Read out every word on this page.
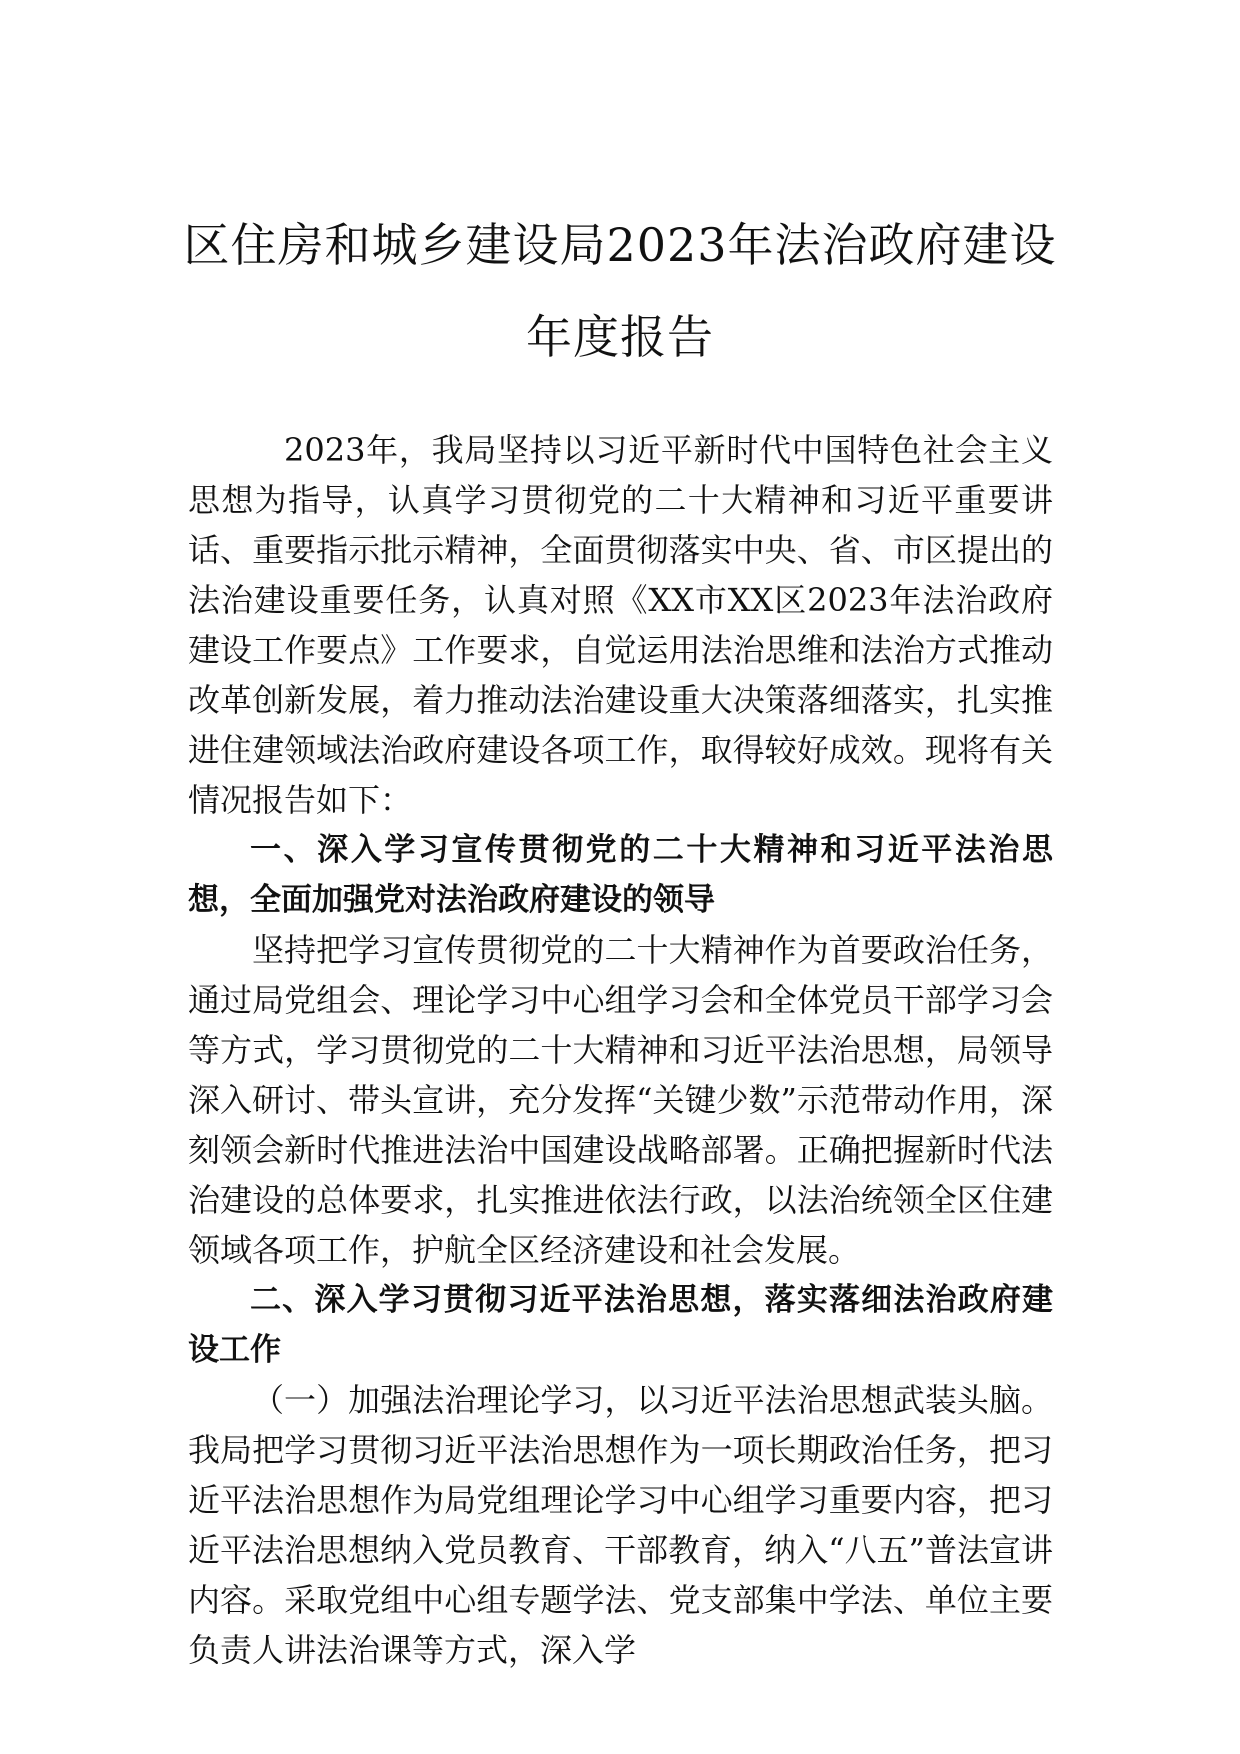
区住房和城乡建设局2023年法治政府建设
年度报告

2023年，我局坚持以习近平新时代中国特色社会主义思想为指导，认真学习贯彻党的二十大精神和习近平重要讲话、重要指示批示精神，全面贯彻落实中央、省、市区提出的法治建设重要任务，认真对照《XX市XX区2023年法治政府建设工作要点》工作要求，自觉运用法治思维和法治方式推动改革创新发展，着力推动法治建设重大决策落细落实，扎实推进住建领域法治政府建设各项工作，取得较好成效。现将有关情况报告如下：

一、深入学习宣传贯彻党的二十大精神和习近平法治思想，全面加强党对法治政府建设的领导

坚持把学习宣传贯彻党的二十大精神作为首要政治任务，通过局党组会、理论学习中心组学习会和全体党员干部学习会等方式，学习贯彻党的二十大精神和习近平法治思想，局领导深入研讨、带头宣讲，充分发挥“关键少数”示范带动作用，深刻领会新时代推进法治中国建设战略部署。正确把握新时代法治建设的总体要求，扎实推进依法行政，以法治统领全区住建领域各项工作，护航全区经济建设和社会发展。

二、深入学习贯彻习近平法治思想，落实落细法治政府建设工作

（一）加强法治理论学习，以习近平法治思想武装头脑。我局把学习贯彻习近平法治思想作为一项长期政治任务，把习近平法治思想作为局党组理论学习中心组学习重要内容，把习近平法治思想纳入党员教育、干部教育，纳入“八五”普法宣讲内容。采取党组中心组专题学法、党支部集中学法、单位主要负责人讲法治课等方式，深入学
